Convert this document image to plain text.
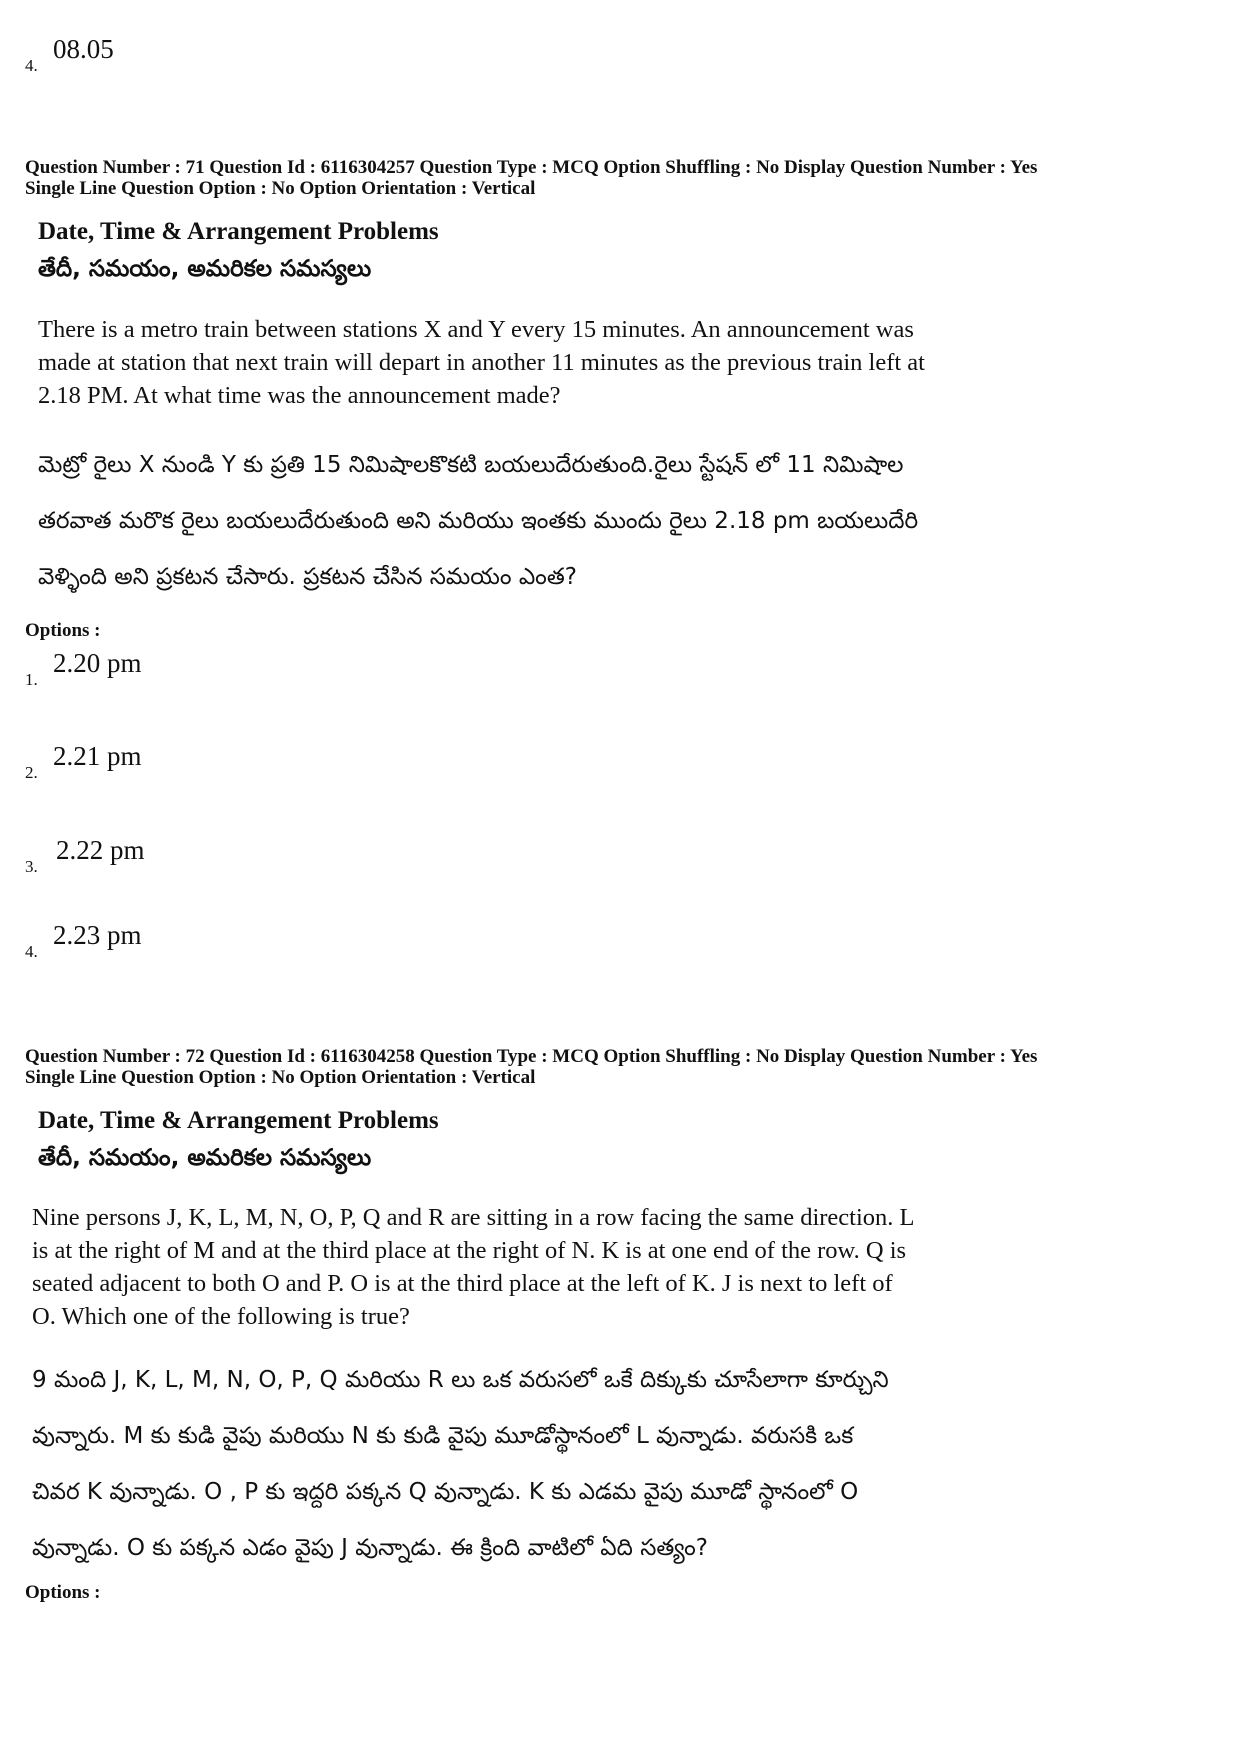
4.
08.05
Question Number : 71 Question Id : 6116304257 Question Type : MCQ Option Shuffling : No Display Question Number : Yes
Single Line Question Option : No Option Orientation : Vertical
Date, Time & Arrangement Problems
తేదీ, సమయం, అమరికల సమస్యలు
There is a metro train between stations X and Y every 15 minutes. An announcement was
made at station that next train will depart in another 11 minutes as the previous train left at
2.18 PM. At what time was the announcement made?
మెట్రో రైలు X నుండి Y కు ప్రతి 15 నిమిషాలకొకటి బయలుదేరుతుంది.రైలు స్టేషన్ లో 11 నిమిషాల
తరవాత మరొక రైలు బయలుదేరుతుంది అని మరియు ఇంతకు ముందు రైలు 2.18 pm బయలుదేరి
వెళ్ళింది అని ప్రకటన చేసారు. ప్రకటన చేసిన సమయం ఎంత?
Options :
1.
2.20 pm
2.
2.21 pm
3.
2.22 pm
4.
2.23 pm
Question Number : 72 Question Id : 6116304258 Question Type : MCQ Option Shuffling : No Display Question Number : Yes
Single Line Question Option : No Option Orientation : Vertical
Date, Time & Arrangement Problems
తేదీ, సమయం, అమరికల సమస్యలు
Nine persons J, K, L, M, N, O, P, Q and R are sitting in a row facing the same direction. L
is at the right of M and at the third place at the right of N. K is at one end of the row. Q is
seated adjacent to both O and P. O is at the third place at the left of K. J is next to left of
O. Which one of the following is true?
9 మంది J, K, L, M, N, O, P, Q మరియు R లు ఒక వరుసలో ఒకే దిక్కుకు చూసేలాగా కూర్చుని
వున్నారు. M కు కుడి వైపు మరియు N కు కుడి వైపు మూడోస్థానంలో L వున్నాడు. వరుసకి ఒక
చివర K వున్నాడు. O , P కు ఇద్దరి పక్కన Q వున్నాడు. K కు ఎడమ వైపు మూడో స్థానంలో O
వున్నాడు. O కు పక్కన ఎడం వైపు J వున్నాడు. ఈ క్రింది వాటిలో ఏది సత్యం?
Options :
